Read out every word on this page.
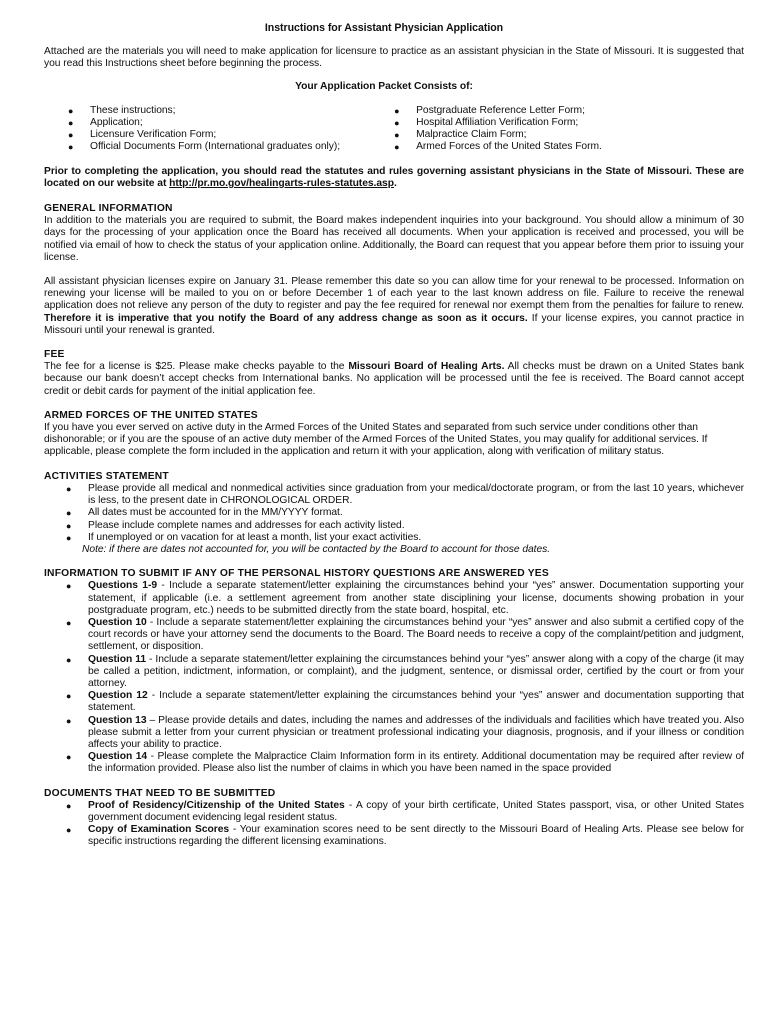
Instructions for Assistant Physician Application

Attached are the materials you will need to make application for licensure to practice as an assistant physician in the State of Missouri. It is suggested that you read this Instructions sheet before beginning the process.

Your Application Packet Consists of:

●	These instructions;
●	Application;
●	Licensure Verification Form;
●	Official Documents Form (International graduates only);
●	Postgraduate Reference Letter Form;
●	Hospital Affiliation Verification Form;
●	Malpractice Claim Form;
●	Armed Forces of the United States Form.

Prior to completing the application, you should read the statutes and rules governing assistant physicians in the State of Missouri. These are located on our website at http://pr.mo.gov/healingarts-rules-statutes.asp.

GENERAL INFORMATION

In addition to the materials you are required to submit, the Board makes independent inquiries into your background. You should allow a minimum of 30 days for the processing of your application once the Board has received all documents. When your application is received and processed, you will be notified via email of how to check the status of your application online. Additionally, the Board can request that you appear before them prior to issuing your license.

All assistant physician licenses expire on January 31. Please remember this date so you can allow time for your renewal to be processed. Information on renewing your license will be mailed to you on or before December 1 of each year to the last known address on file. Failure to receive the renewal application does not relieve any person of the duty to register and pay the fee required for renewal nor exempt them from the penalties for failure to renew. Therefore it is imperative that you notify the Board of any address change as soon as it occurs. If your license expires, you cannot practice in Missouri until your renewal is granted.

FEE

The fee for a license is $25. Please make checks payable to the Missouri Board of Healing Arts. All checks must be drawn on a United States bank because our bank doesn’t accept checks from International banks. No application will be processed until the fee is received. The Board cannot accept credit or debit cards for payment of the initial application fee.

ARMED FORCES OF THE UNITED STATES

If you have you ever served on active duty in the Armed Forces of the United States and separated from such service under conditions other than dishonorable; or if you are the spouse of an active duty member of the Armed Forces of the United States, you may qualify for additional services. If applicable, please complete the form included in the application and return it with your application, along with verification of military status.

ACTIVITIES STATEMENT

●	Please provide all medical and nonmedical activities since graduation from your medical/doctorate program, or from the last 10 years, whichever is less, to the present date in CHRONOLOGICAL ORDER.
●	All dates must be accounted for in the MM/YYYY format.
●	Please include complete names and addresses for each activity listed.
●	If unemployed or on vacation for at least a month, list your exact activities.

Note: if there are dates not accounted for, you will be contacted by the Board to account for those dates.

INFORMATION TO SUBMIT IF ANY OF THE PERSONAL HISTORY QUESTIONS ARE ANSWERED YES

●	Questions 1-9 - Include a separate statement/letter explaining the circumstances behind your “yes” answer. Documentation supporting your statement, if applicable (i.e. a settlement agreement from another state disciplining your license, documents showing probation in your postgraduate program, etc.) needs to be submitted directly from the state board, hospital, etc.
●	Question 10 - Include a separate statement/letter explaining the circumstances behind your “yes” answer and also submit a certified copy of the court records or have your attorney send the documents to the Board. The Board needs to receive a copy of the complaint/petition and judgment, settlement, or disposition.
●	Question 11 - Include a separate statement/letter explaining the circumstances behind your “yes” answer along with a copy of the charge (it may be called a petition, indictment, information, or complaint), and the judgment, sentence, or dismissal order, certified by the court or from your attorney.
●	Question 12 - Include a separate statement/letter explaining the circumstances behind your “yes” answer and documentation supporting that statement.
●	Question 13 – Please provide details and dates, including the names and addresses of the individuals and facilities which have treated you. Also please submit a letter from your current physician or treatment professional indicating your diagnosis, prognosis, and if your illness or condition affects your ability to practice.
●	Question 14 - Please complete the Malpractice Claim Information form in its entirety. Additional documentation may be required after review of the information provided. Please also list the number of claims in which you have been named in the space provided

DOCUMENTS THAT NEED TO BE SUBMITTED

●	Proof of Residency/Citizenship of the United States - A copy of your birth certificate, United States passport, visa, or other United States government document evidencing legal resident status.
●	Copy of Examination Scores - Your examination scores need to be sent directly to the Missouri Board of Healing Arts. Please see below for specific instructions regarding the different licensing examinations.
